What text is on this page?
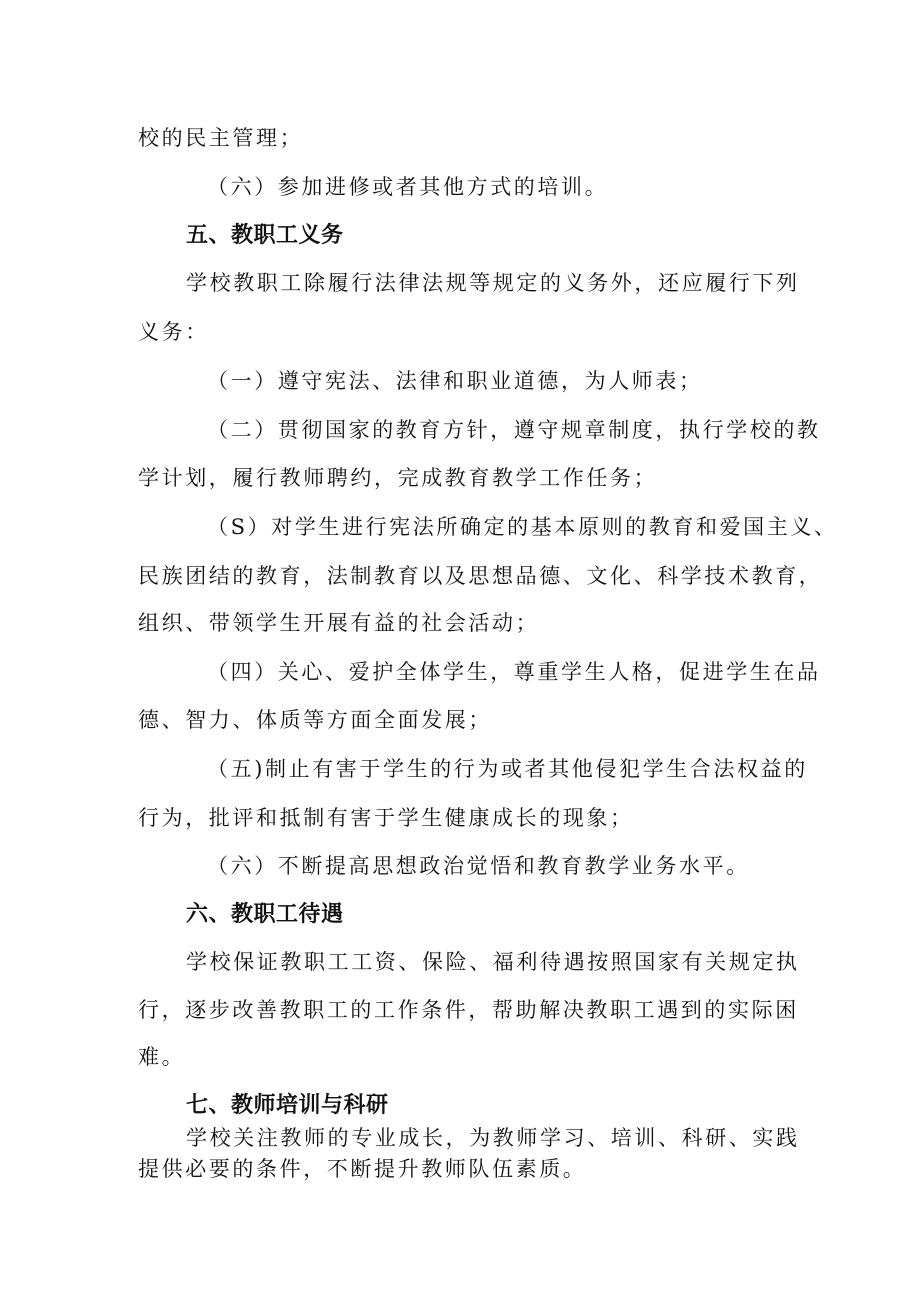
校的民主管理；

（六）参加进修或者其他方式的培训。

五、教职工义务

学校教职工除履行法律法规等规定的义务外，还应履行下列

义务：

（一）遵守宪法、法律和职业道德，为人师表；

（二）贯彻国家的教育方针，遵守规章制度，执行学校的教

学计划，履行教师聘约，完成教育教学工作任务；

（S）对学生进行宪法所确定的基本原则的教育和爱国主义、

民族团结的教育，法制教育以及思想品德、文化、科学技术教育，

组织、带领学生开展有益的社会活动；

（四）关心、爱护全体学生，尊重学生人格，促进学生在品

德、智力、体质等方面全面发展；

（五)制止有害于学生的行为或者其他侵犯学生合法权益的

行为，批评和抵制有害于学生健康成长的现象；

（六）不断提高思想政治觉悟和教育教学业务水平。

六、教职工待遇

学校保证教职工工资、保险、福利待遇按照国家有关规定执

行，逐步改善教职工的工作条件，帮助解决教职工遇到的实际困

难。

七、教师培训与科研

学校关注教师的专业成长，为教师学习、培训、科研、实践

提供必要的条件，不断提升教师队伍素质。
